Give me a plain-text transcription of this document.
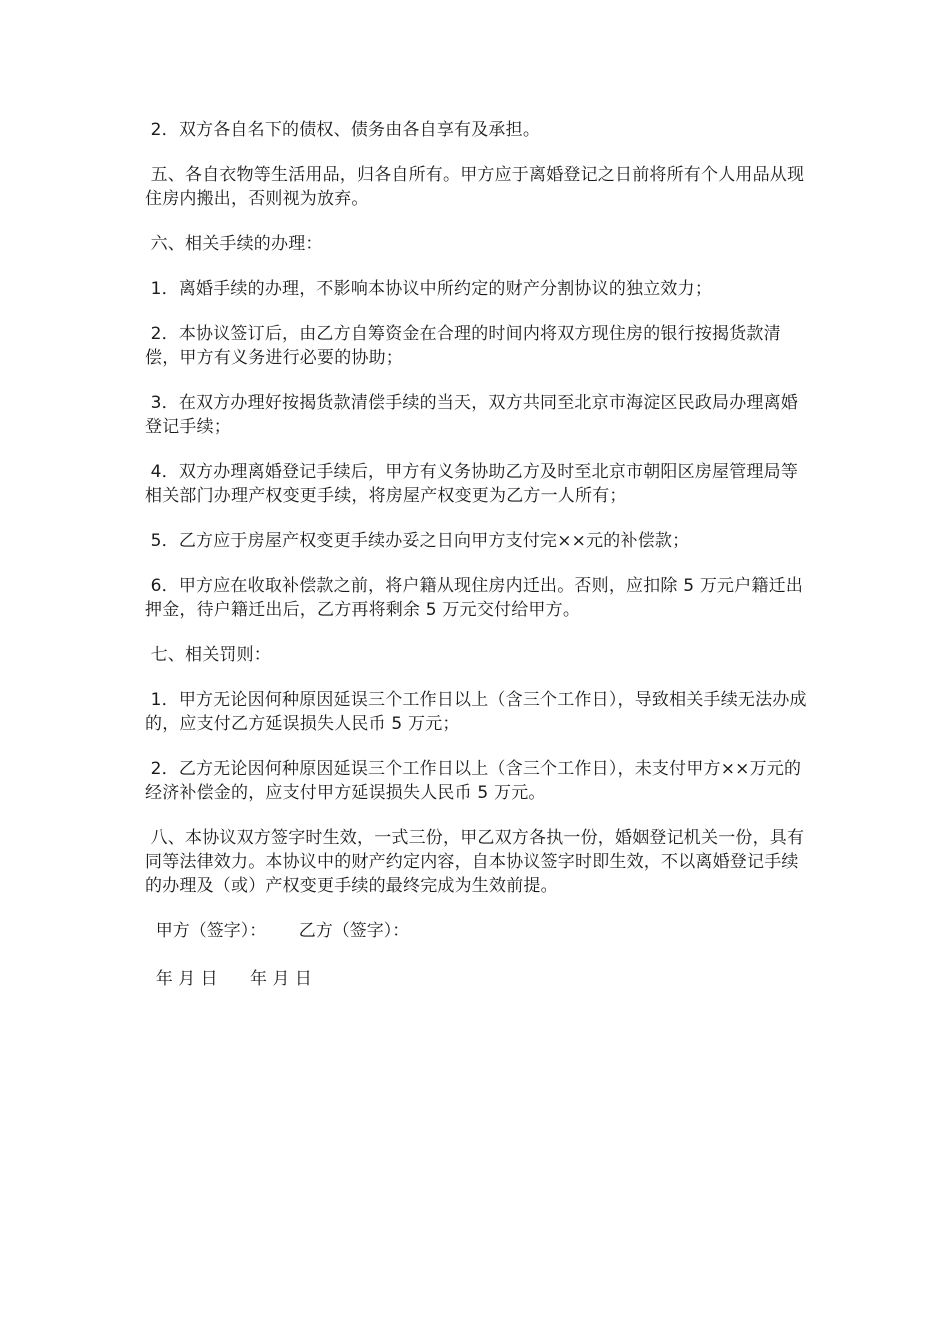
2．双方各自名下的债权、债务由各自享有及承担。

五、各自衣物等生活用品，归各自所有。甲方应于离婚登记之日前将所有个人用品从现住房内搬出，否则视为放弃。

六、相关手续的办理：

1．离婚手续的办理，不影响本协议中所约定的财产分割协议的独立效力；

2．本协议签订后，由乙方自筹资金在合理的时间内将双方现住房的银行按揭货款清偿，甲方有义务进行必要的协助；

3．在双方办理好按揭货款清偿手续的当天，双方共同至北京市海淀区民政局办理离婚登记手续；

4．双方办理离婚登记手续后，甲方有义务协助乙方及时至北京市朝阳区房屋管理局等相关部门办理产权变更手续，将房屋产权变更为乙方一人所有；

5．乙方应于房屋产权变更手续办妥之日向甲方支付完××元的补偿款；

6．甲方应在收取补偿款之前，将户籍从现住房内迁出。否则，应扣除 5 万元户籍迁出押金，待户籍迁出后，乙方再将剩余 5 万元交付给甲方。

七、相关罚则：

1．甲方无论因何种原因延误三个工作日以上（含三个工作日），导致相关手续无法办成的，应支付乙方延误损失人民币 5 万元；

2．乙方无论因何种原因延误三个工作日以上（含三个工作日），未支付甲方××万元的经济补偿金的，应支付甲方延误损失人民币 5 万元。

八、本协议双方签字时生效，一式三份，甲乙双方各执一份，婚姻登记机关一份，具有同等法律效力。本协议中的财产约定内容，自本协议签字时即生效，不以离婚登记手续的办理及（或）产权变更手续的最终完成为生效前提。

甲方（签字）：      乙方（签字）：

年 月 日      年 月 日
